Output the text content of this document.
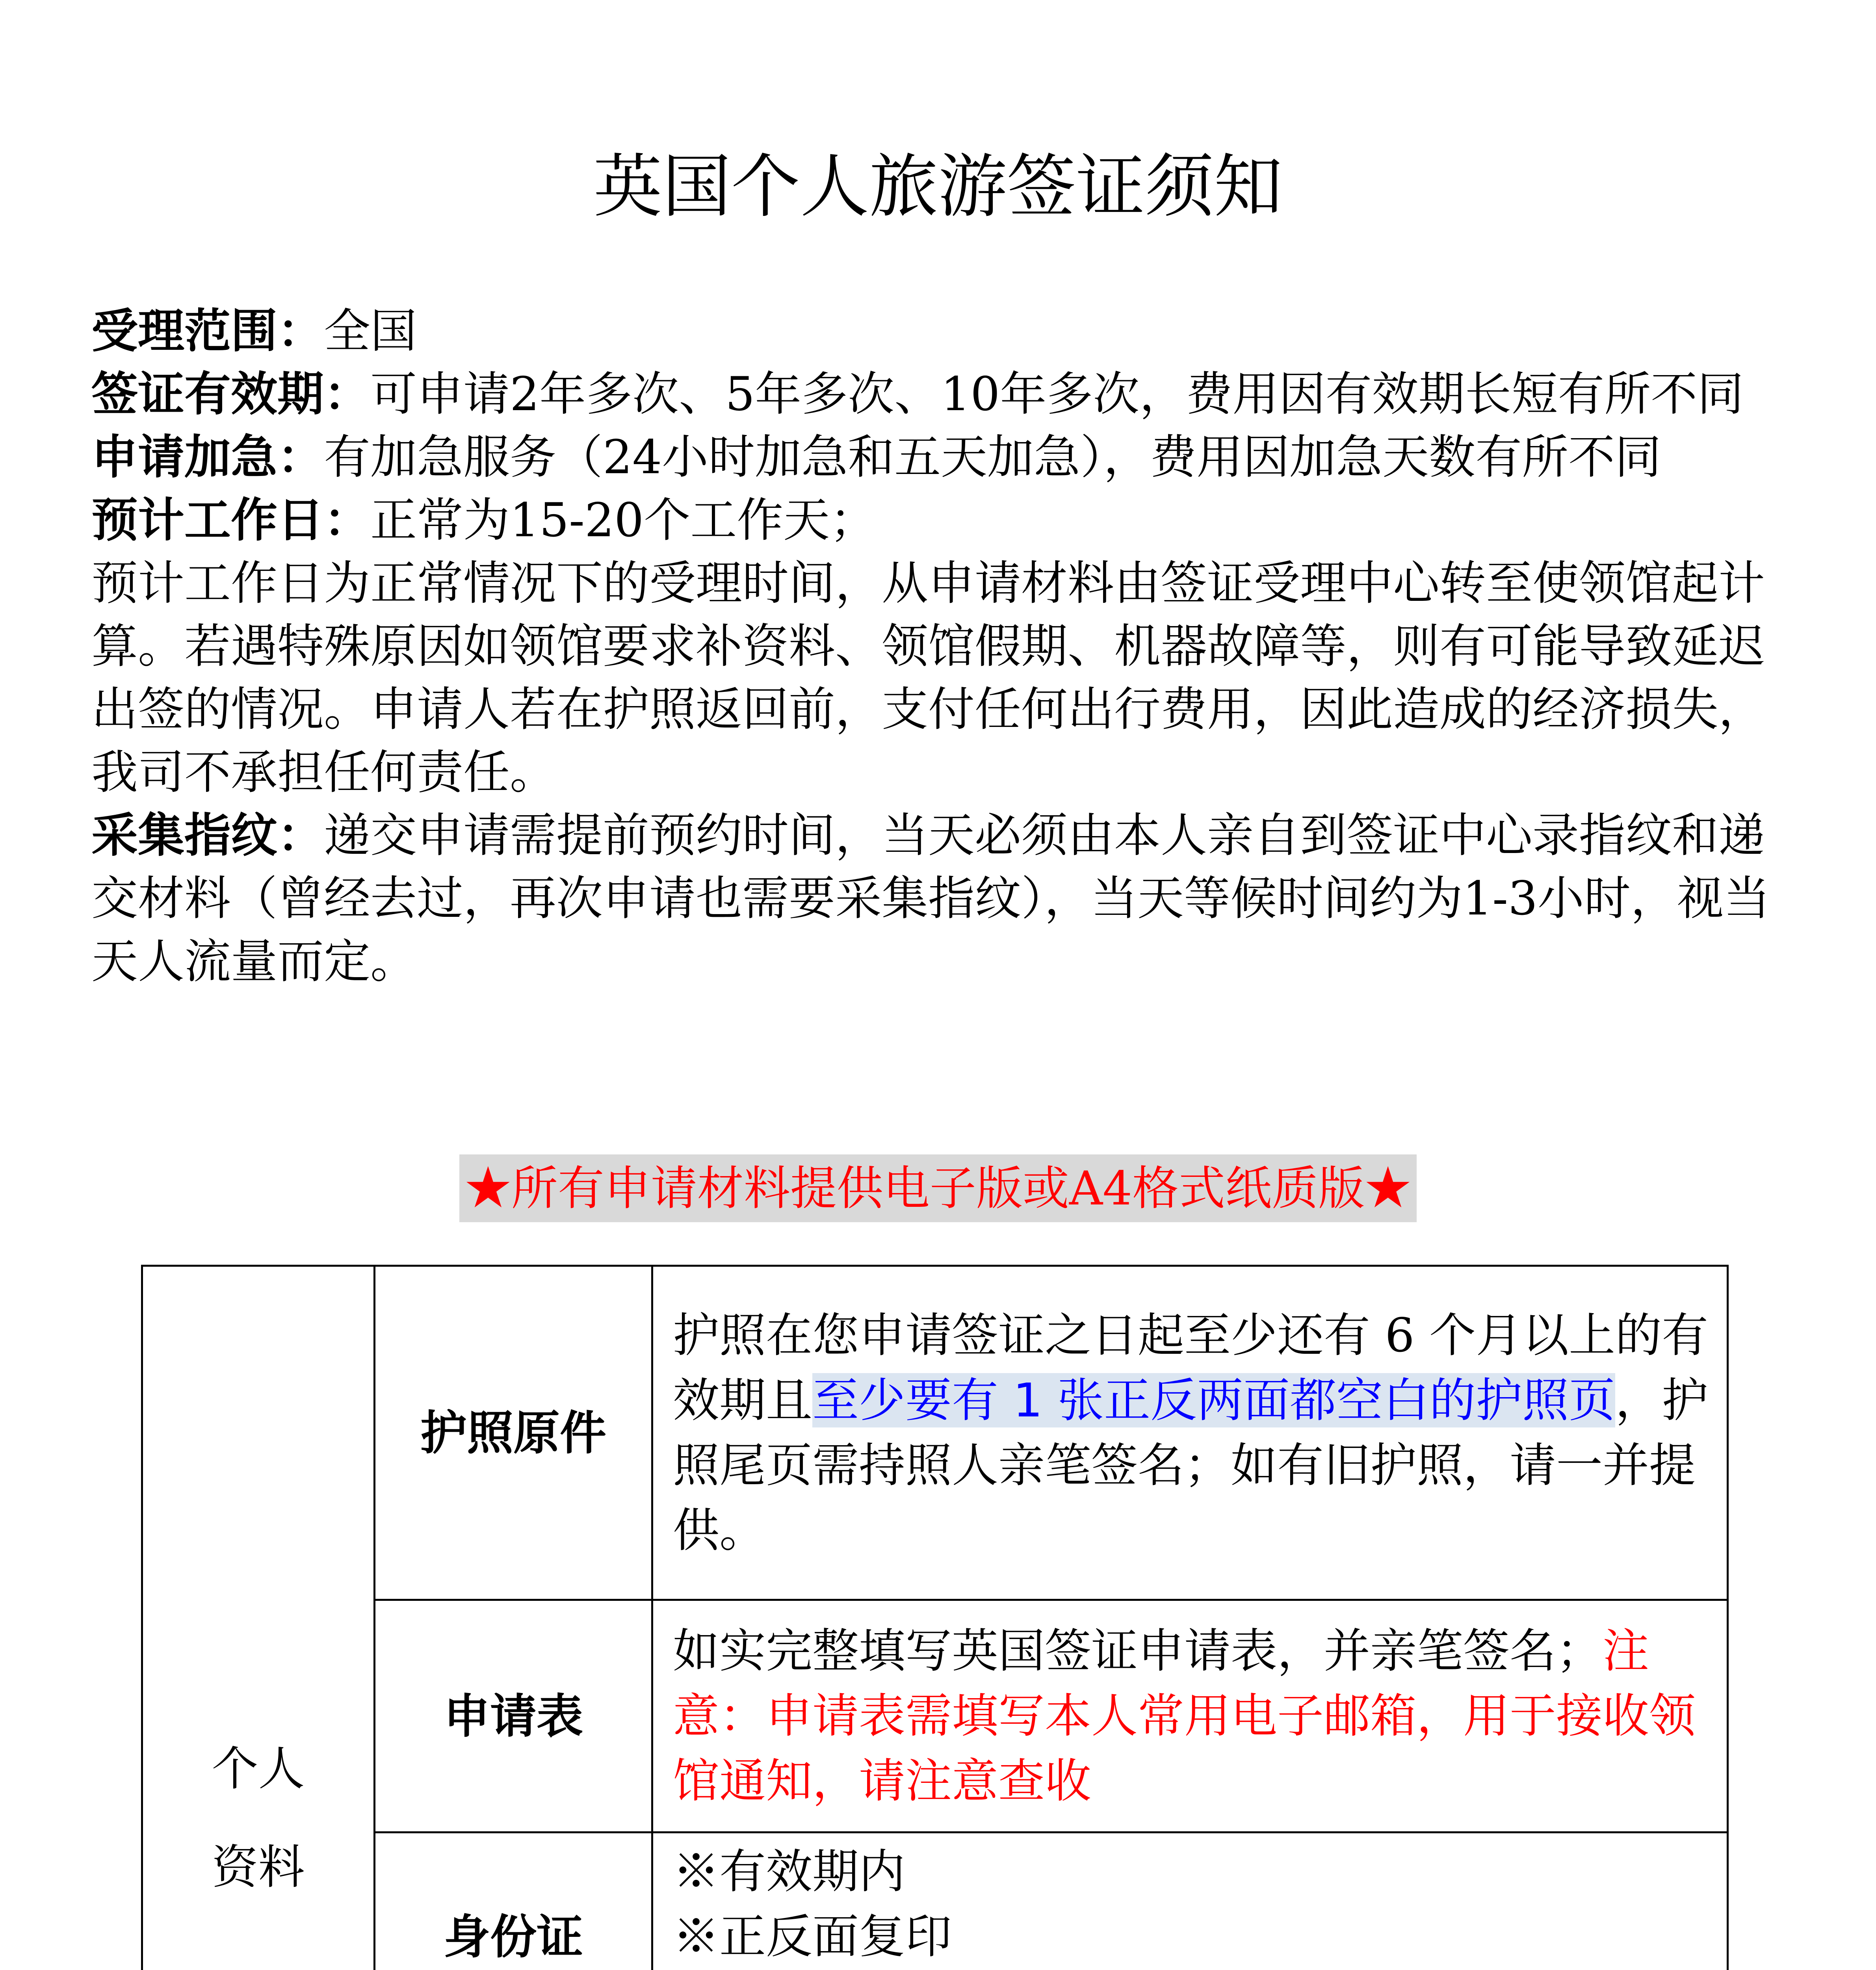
英国个人旅游签证须知

受理范围：全国

签证有效期：可申请2年多次、5年多次、10年多次，费用因有效期长短有所不同

申请加急：有加急服务（24小时加急和五天加急），费用因加急天数有所不同

预计工作日：正常为15-20个工作天；

预计工作日为正常情况下的受理时间，从申请材料由签证受理中心转至使领馆起计算。若遇特殊原因如领馆要求补资料、领馆假期、机器故障等，则有可能导致延迟出签的情况。申请人若在护照返回前，支付任何出行费用，因此造成的经济损失，我司不承担任何责任。

采集指纹：递交申请需提前预约时间，当天必须由本人亲自到签证中心录指纹和递交材料（曾经去过，再次申请也需要采集指纹），当天等候时间约为1-3小时，视当天人流量而定。

★所有申请材料提供电子版或A4格式纸质版★
个人
资料	护照原件	护照在您申请签证之日起至少还有 6 个月以上的有效期且至少要有 1 张正反两面都空白的护照页，护照尾页需持照人亲笔签名；如有旧护照，请一并提供。
	申请表	如实完整填写英国签证申请表，并亲笔签名；注意：申请表需填写本人常用电子邮箱，用于接收领馆通知，请注意查收
	身份证	※有效期内
※正反面复印
